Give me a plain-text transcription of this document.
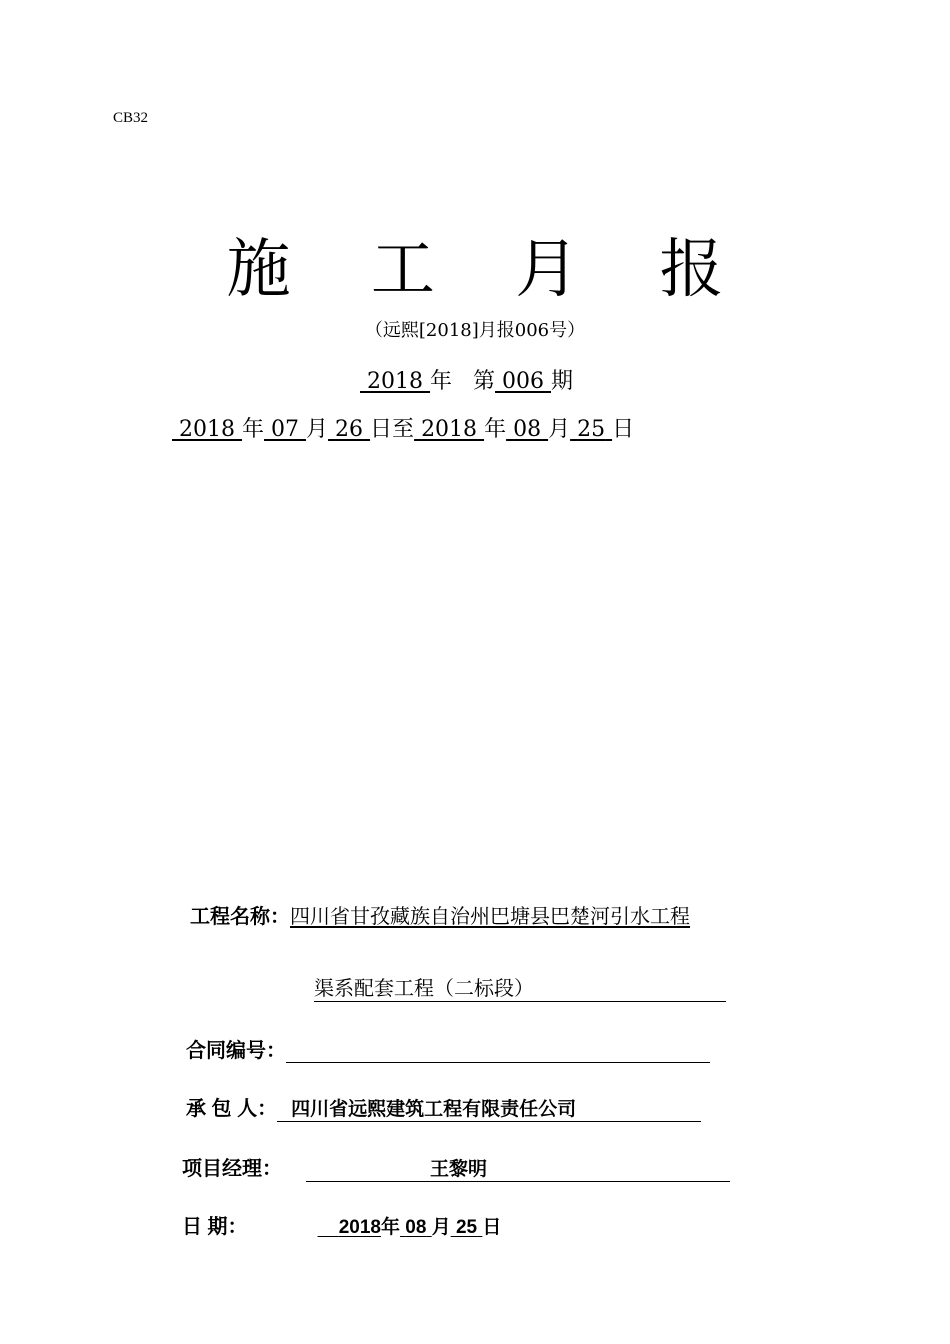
CB32
施 工 月 报
（远熙[2018]月报006号）
2018 年 第 006 期
2018 年 07 月 26 日至 2018 年 08 月 25 日
工程名称：四川省甘孜藏族自治州巴塘县巴楚河引水工程
渠系配套工程（二标段）
合同编号：
承 包 人： 四川省远熙建筑工程有限责任公司
项目经理：	王黎明
日 期：	2018年 08 月 25 日
